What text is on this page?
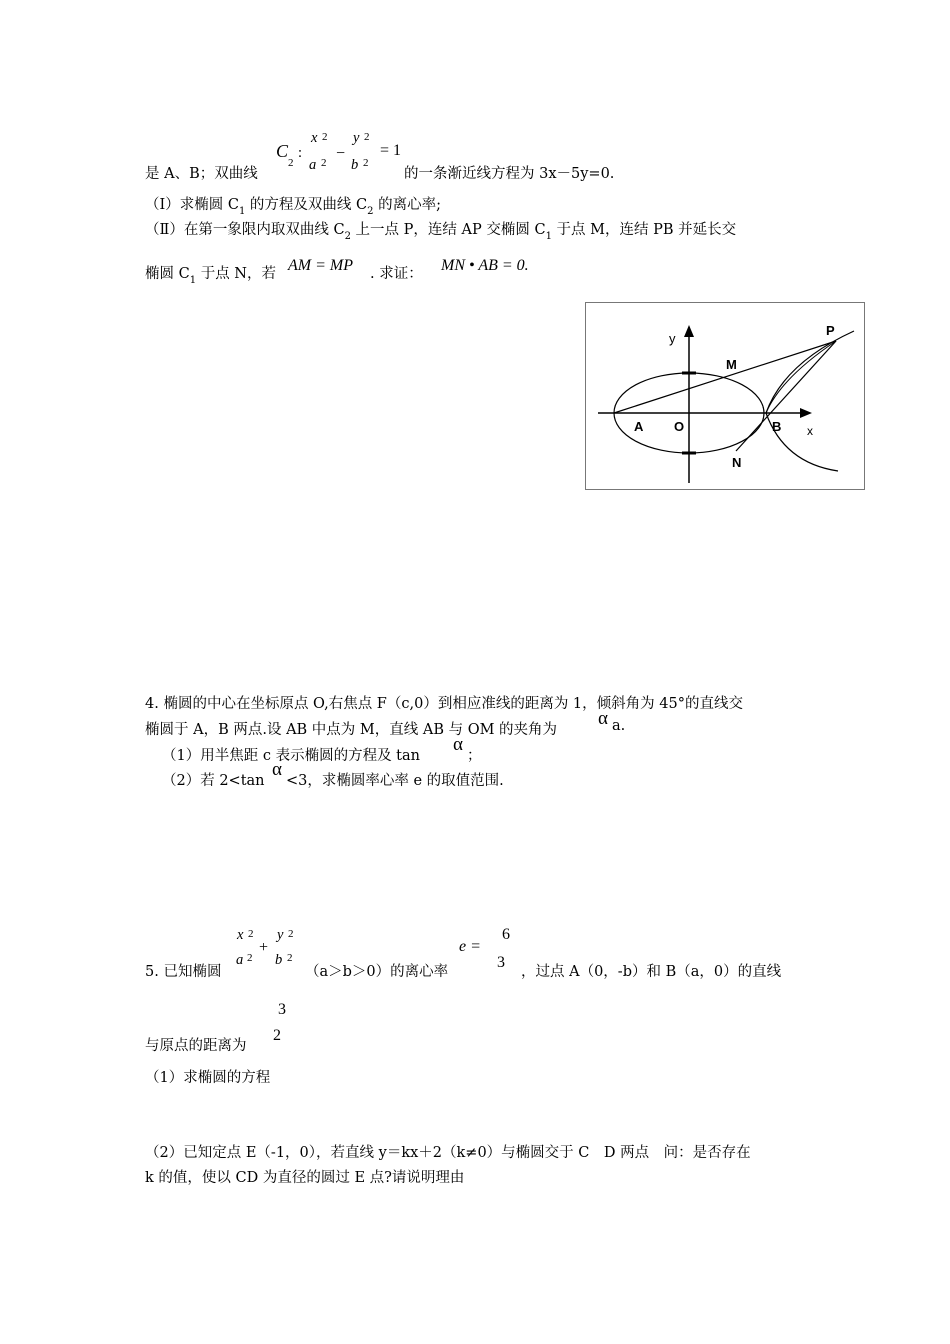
C
2
:
x 2
a 2
−
y 2
b 2
= 1
是 A、B；双曲线	的一条渐近线方程为 3x－5y=0.
（Ⅰ）求椭圆 $C_1$ 的方程及双曲线 $C_2$ 的离心率;
（Ⅱ）在第一象限内取双曲线 $C_2$ 上一点 P，连结 AP 交椭圆 $C_1$ 于点 M，连结 PB 并延长交
椭圆 $C_1$ 于点 N，若 AM = MP . 求证： MN • AB = 0.
y
x
A O	B
M
N
P
4. 椭圆的中心在坐标原点 O,右焦点 F（c,0）到相应准线的距离为 1，倾斜角为 45°的直线交
椭圆于 A，B 两点.设 AB 中点为 M，直线 AB 与 OM 的夹角为
α a.
（1）用半焦距 c 表示椭圆的方程及 tan
α
；
（2）若 2<tan
α
<3，求椭圆率心率 e 的取值范围.
x 2
a 2
+
y 2
b 2
e =
6
3
5. 已知椭圆	（a＞b＞0）的离心率	，过点 A（0，-b）和 B（a，0）的直线
3
2
与原点的距离为
（1）求椭圆的方程
（2）已知定点 E（-1，0），若直线 y＝kx＋2（k≠0）与椭圆交于 C　D 两点　问：是否存在
k 的值，使以 CD 为直径的圆过 E 点?请说明理由
